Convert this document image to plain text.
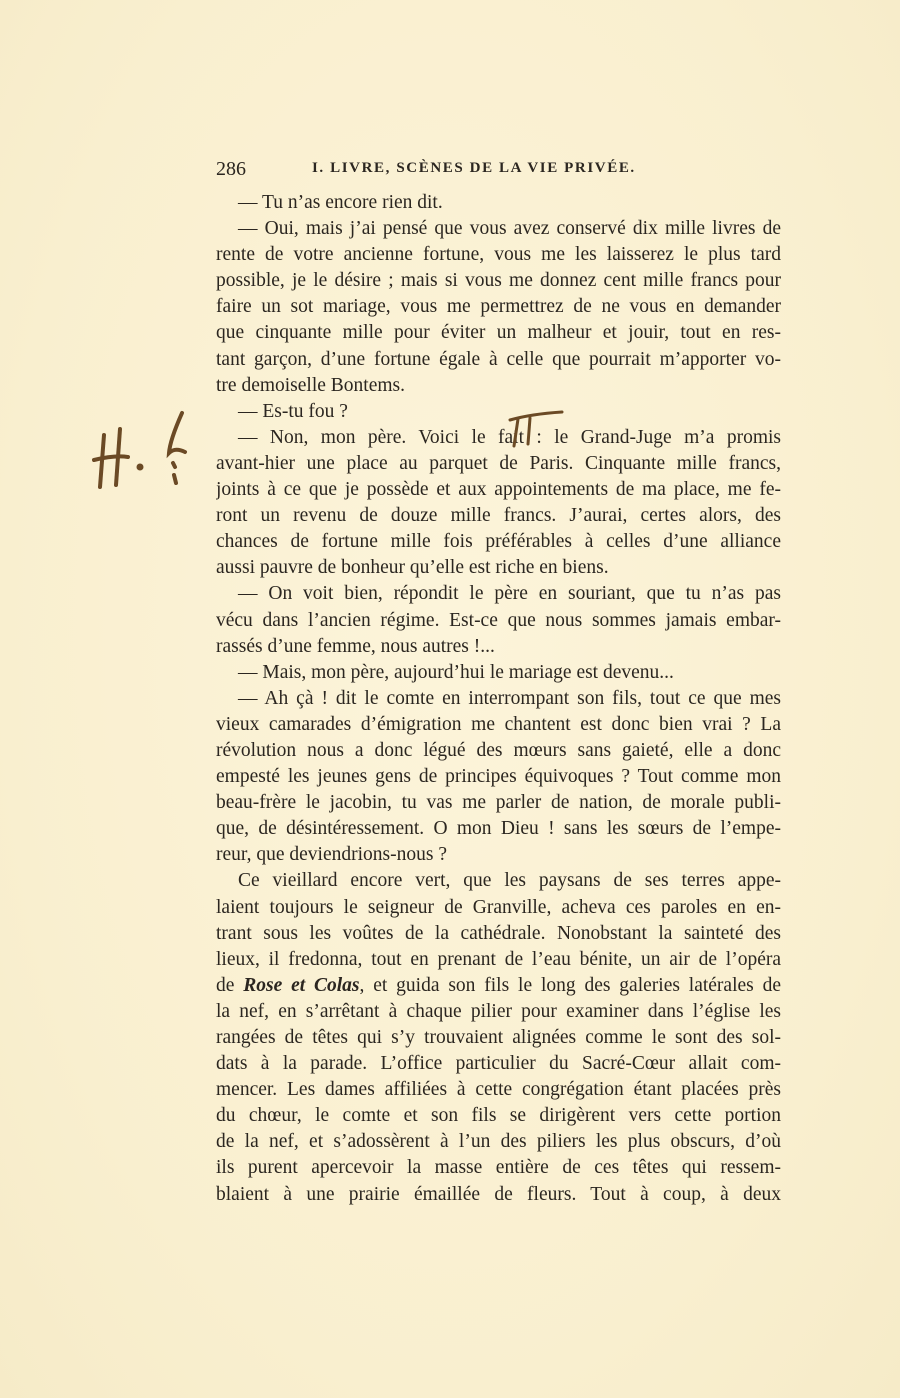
286	I. LIVRE, SCÈNES DE LA VIE PRIVÉE.
— Tu n’as encore rien dit.
— Oui, mais j’ai pensé que vous avez conservé dix mille livres de
rente de votre ancienne fortune, vous me les laisserez le plus tard
possible, je le désire ; mais si vous me donnez cent mille francs pour
faire un sot mariage, vous me permettrez de ne vous en demander
que cinquante mille pour éviter un malheur et jouir, tout en res-
tant garçon, d’une fortune égale à celle que pourrait m’apporter vo-
tre demoiselle Bontems.
— Es-tu fou ?
— Non, mon père. Voici le fait : le Grand-Juge m’a promis
avant-hier une place au parquet de Paris. Cinquante mille francs,
joints à ce que je possède et aux appointements de ma place, me fe-
ront un revenu de douze mille francs. J’aurai, certes alors, des
chances de fortune mille fois préférables à celles d’une alliance
aussi pauvre de bonheur qu’elle est riche en biens.
— On voit bien, répondit le père en souriant, que tu n’as pas
vécu dans l’ancien régime. Est-ce que nous sommes jamais embar-
rassés d’une femme, nous autres !...
— Mais, mon père, aujourd’hui le mariage est devenu...
— Ah çà ! dit le comte en interrompant son fils, tout ce que mes
vieux camarades d’émigration me chantent est donc bien vrai ? La
révolution nous a donc légué des mœurs sans gaieté, elle a donc
empesté les jeunes gens de principes équivoques ? Tout comme mon
beau-frère le jacobin, tu vas me parler de nation, de morale publi-
que, de désintéressement. O mon Dieu ! sans les sœurs de l’empe-
reur, que deviendrions-nous ?
Ce vieillard encore vert, que les paysans de ses terres appe-
laient toujours le seigneur de Granville, acheva ces paroles en en-
trant sous les voûtes de la cathédrale. Nonobstant la sainteté des
lieux, il fredonna, tout en prenant de l’eau bénite, un air de l’opéra
de Rose et Colas, et guida son fils le long des galeries latérales de
la nef, en s’arrêtant à chaque pilier pour examiner dans l’église les
rangées de têtes qui s’y trouvaient alignées comme le sont des sol-
dats à la parade. L’office particulier du Sacré-Cœur allait com-
mencer. Les dames affiliées à cette congrégation étant placées près
du chœur, le comte et son fils se dirigèrent vers cette portion
de la nef, et s’adossèrent à l’un des piliers les plus obscurs, d’où
ils purent apercevoir la masse entière de ces têtes qui ressem-
blaient à une prairie émaillée de fleurs. Tout à coup, à deux
